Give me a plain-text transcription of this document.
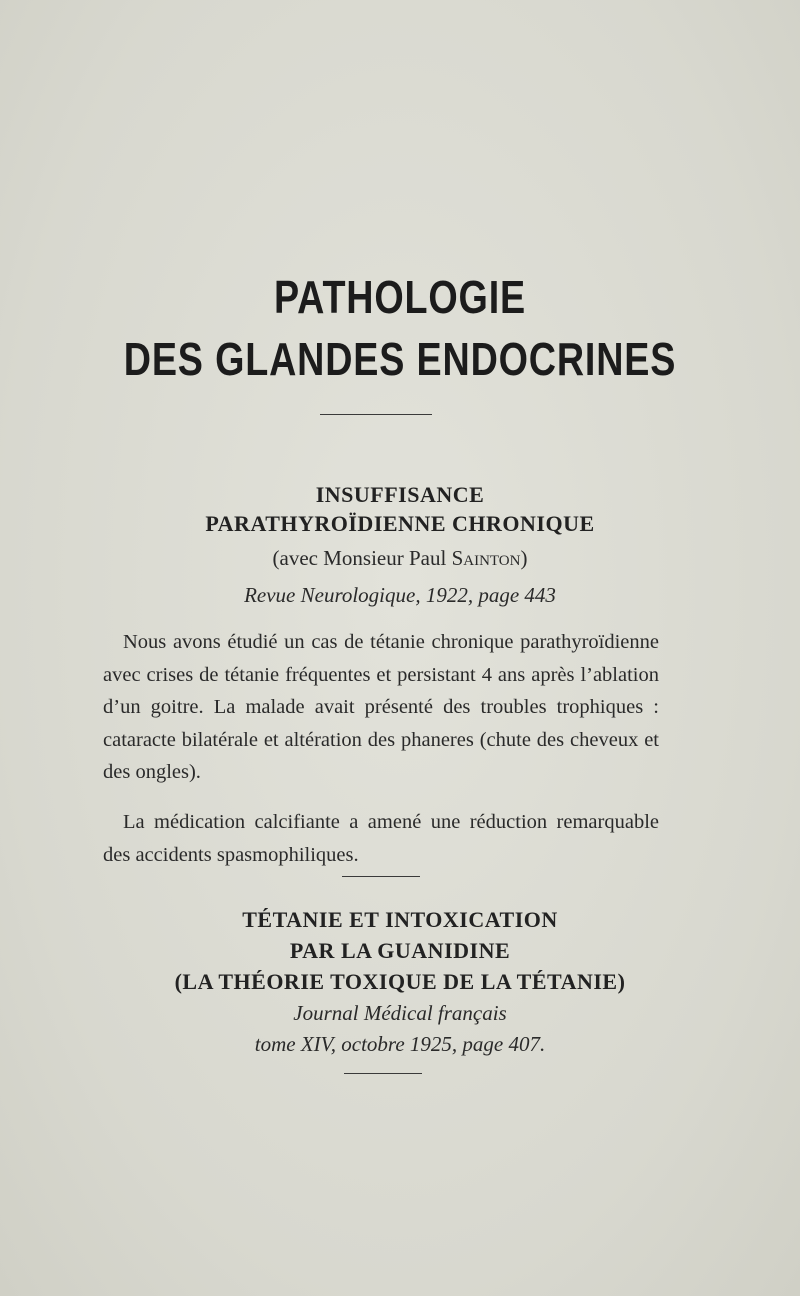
PATHOLOGIE
DES GLANDES ENDOCRINES
INSUFFISANCE
PARATHYROÏDIENNE CHRONIQUE
(avec Monsieur Paul Sainton)
Revue Neurologique, 1922, page 443
Nous avons étudié un cas de tétanie chronique parathyroïdienne avec crises de tétanie fréquentes et persistant 4 ans après l’ablation d’un goitre. La malade avait présenté des troubles trophiques : cataracte bilatérale et altération des phaneres (chute des cheveux et des ongles).
La médication calcifiante a amené une réduction remarquable des accidents spasmophiliques.
TÉTANIE ET INTOXICATION
PAR LA GUANIDINE
(LA THÉORIE TOXIQUE DE LA TÉTANIE)
Journal Médical français
tome XIV, octobre 1925, page 407.
